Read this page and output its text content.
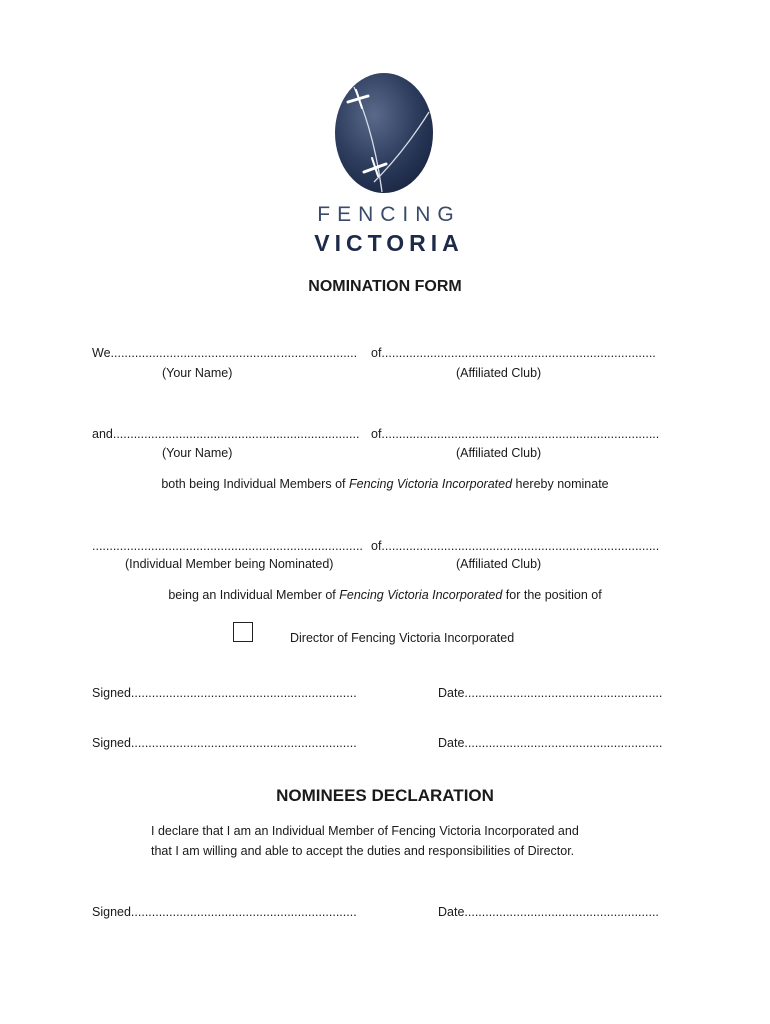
FENCING
VICTORIA
NOMINATION FORM
We....................................................................... of...............................................................................
(Your Name)	(Affiliated Club)
and....................................................................... of................................................................................
(Your Name)	(Affiliated Club)
both being Individual Members of Fencing Victoria Incorporated hereby nominate
.............................................................................. of................................................................................
(Individual Member being Nominated)	(Affiliated Club)
being an Individual Member of Fencing Victoria Incorporated for the position of
Director of Fencing Victoria Incorporated
Signed.................................................................	Date.........................................................
Signed.................................................................	Date.........................................................
NOMINEES DECLARATION
I declare that I am an Individual Member of Fencing Victoria Incorporated and
that I am willing and able to accept the duties and responsibilities of Director.
Signed.................................................................	Date........................................................
